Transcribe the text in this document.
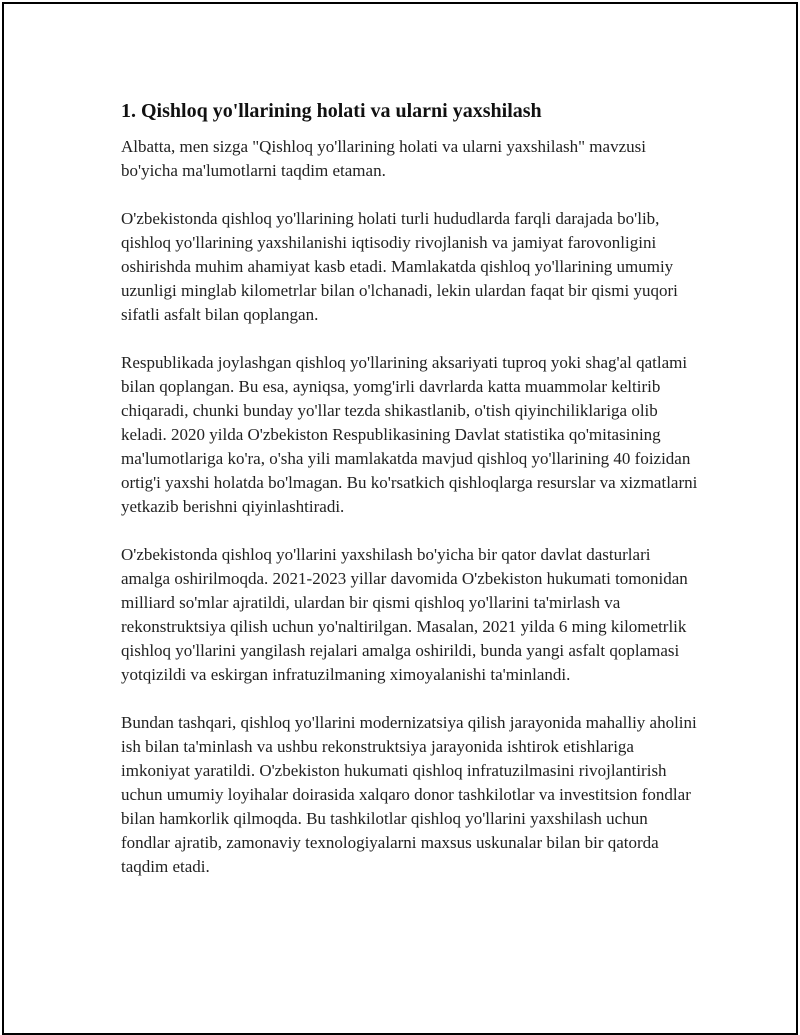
1. Qishloq yo'llarining holati va ularni yaxshilash

Albatta, men sizga "Qishloq yo'llarining holati va ularni yaxshilash" mavzusi bo'yicha ma'lumotlarni taqdim etaman.

O'zbekistonda qishloq yo'llarining holati turli hududlarda farqli darajada bo'lib, qishloq yo'llarining yaxshilanishi iqtisodiy rivojlanish va jamiyat farovonligini oshirishda muhim ahamiyat kasb etadi. Mamlakatda qishloq yo'llarining umumiy uzunligi minglab kilometrlar bilan o'lchanadi, lekin ulardan faqat bir qismi yuqori sifatli asfalt bilan qoplangan.

Respublikada joylashgan qishloq yo'llarining aksariyati tuproq yoki shag'al qatlami bilan qoplangan. Bu esa, ayniqsa, yomg'irli davrlarda katta muammolar keltirib chiqaradi, chunki bunday yo'llar tezda shikastlanib, o'tish qiyinchiliklariga olib keladi. 2020 yilda O'zbekiston Respublikasining Davlat statistika qo'mitasining ma'lumotlariga ko'ra, o'sha yili mamlakatda mavjud qishloq yo'llarining 40 foizidan ortig'i yaxshi holatda bo'lmagan. Bu ko'rsatkich qishloqlarga resurslar va xizmatlarni yetkazib berishni qiyinlashtiradi.

O'zbekistonda qishloq yo'llarini yaxshilash bo'yicha bir qator davlat dasturlari amalga oshirilmoqda. 2021-2023 yillar davomida O'zbekiston hukumati tomonidan milliard so'mlar ajratildi, ulardan bir qismi qishloq yo'llarini ta'mirlash va rekonstruktsiya qilish uchun yo'naltirilgan. Masalan, 2021 yilda 6 ming kilometrlik qishloq yo'llarini yangilash rejalari amalga oshirildi, bunda yangi asfalt qoplamasi yotqizildi va eskirgan infratuzilmaning ximoyalanishi ta'minlandi.

Bundan tashqari, qishloq yo'llarini modernizatsiya qilish jarayonida mahalliy aholini ish bilan ta'minlash va ushbu rekonstruktsiya jarayonida ishtirok etishlariga imkoniyat yaratildi. O'zbekiston hukumati qishloq infratuzilmasini rivojlantirish uchun umumiy loyihalar doirasida xalqaro donor tashkilotlar va investitsion fondlar bilan hamkorlik qilmoqda. Bu tashkilotlar qishloq yo'llarini yaxshilash uchun fondlar ajratib, zamonaviy texnologiyalarni maxsus uskunalar bilan bir qatorda taqdim etadi.
